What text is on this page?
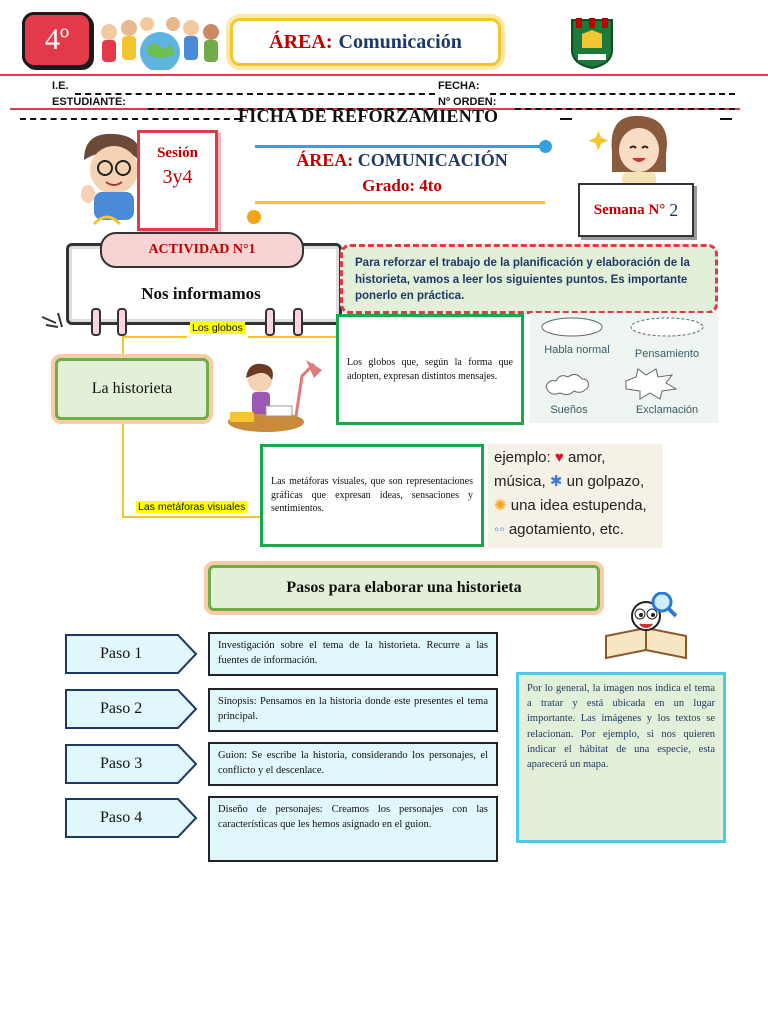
4º	ÁREA: Comunicación
I.E.
ESTUDIANTE:
FECHA:
Nº ORDEN:
FICHA DE REFORZAMIENTO
Sesión
3y4
ÁREA: COMUNICACIÓN
Grado: 4to
Semana N° 2
ACTIVIDAD N°1
Nos informamos
Para reforzar el trabajo de la planificación y elaboración de la historieta, vamos a leer los siguientes puntos. Es importante ponerlo en práctica.
Los globos
Las metáforas visuales
La historieta
Los globos que, según la forma que adopten, expresan distintos mensajes.
Habla normal	Pensamiento
Sueños	Exclamación
Las metáforas visuales, que son representaciones gráficas que expresan ideas, sensaciones y sentimientos.
ejemplo: ♥ amor,
música, ✱ un golpazo,
✺ una idea estupenda,
◦◦ agotamiento, etc.
Pasos para elaborar una historieta
Paso 1	Investigación sobre el tema de la historieta. Recurre a las fuentes de información.
Paso 2	Sinopsis: Pensamos en la historia donde este presentes el tema principal.
Paso 3	Guion: Se escribe la historia, considerando los personajes, el conflicto y el descenlace.
Paso 4	Diseño de personajes: Creamos los personajes con las características que les hemos asignado en el guion.
Por lo general, la imagen nos indica el tema a tratar y está ubicada en un lugar importante. Las imágenes y los textos se relacionan. Por ejemplo, si nos quieren indicar el hábitat de una especie, esta aparecerá un mapa.
